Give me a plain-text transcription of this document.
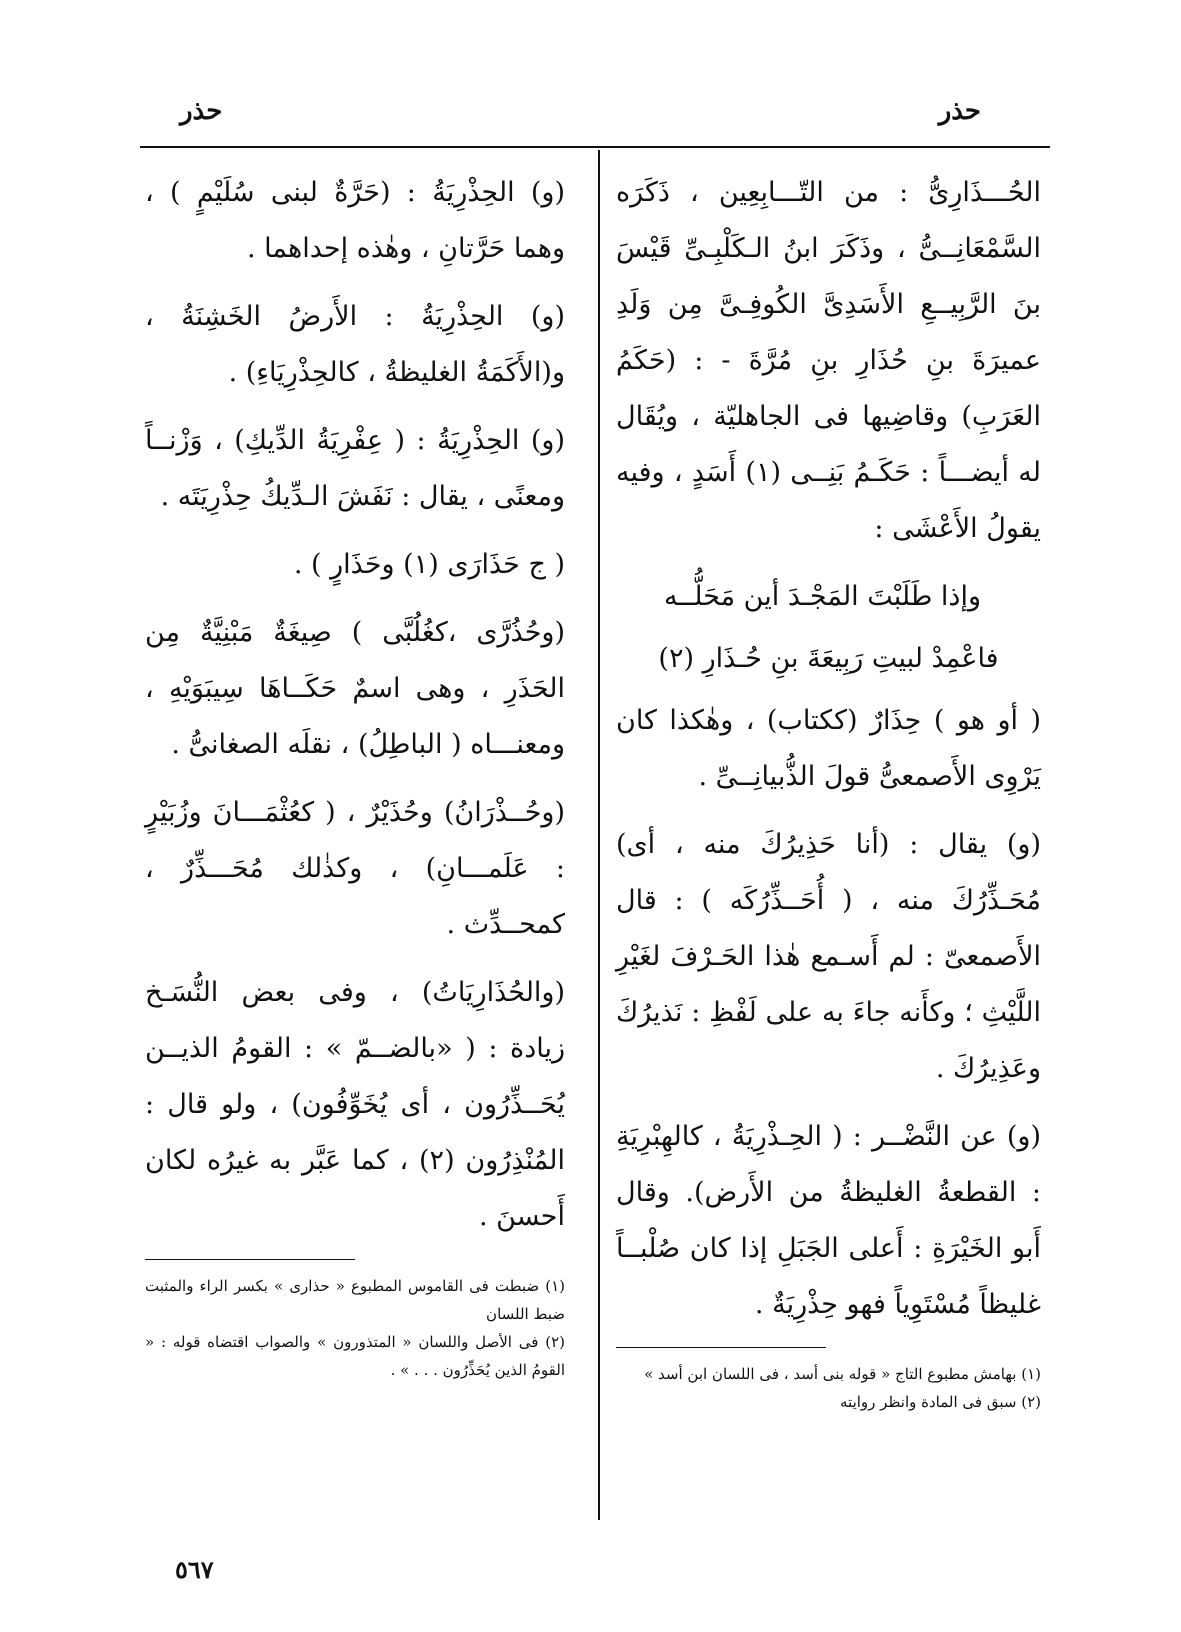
حذر
حذر

الحُـــذَارِىُّ : من التّـــابِعِين ، ذَكَرَه السَّمْعَانِــىُّ ، وذَكَرَ ابنُ الـكَلْبِـىِّ قَيْسَ بنَ الرَّبِيــعِ الأَسَدِىَّ الكُوفِـىَّ مِن وَلَدِ عميرَةَ بنِ حُذَارِ بنِ مُرَّةَ - : (حَكَمُ العَرَبِ) وقاضِيها فى الجاهليّة ، ويُقَال له أيضـــاً : حَكَـمُ بَنِــى (١) أَسَدٍ ، وفيه يقولُ الأَعْشَى :

وإذا طَلَبْتَ المَجْـدَ أين مَحَلُّــه

فاعْمِدْ لبيتِ رَبِيعَةَ بنِ حُـذَارِ (٢)

( أو هو ) حِذَارٌ (ككتاب) ، وهٰكذا كان يَرْوِى الأَصمعىُّ قولَ الذُّبيانِــىِّ .

(و) يقال : (أنا حَذِيرُكَ منه ، أى) مُحَـذِّرُكَ منه ، ( أُحَــذِّرُكَه ) : قال الأَصمعىّ : لم أَسـمع هٰذا الحَـرْفَ لغَيْرِ اللَّيْثِ ؛ وكأَنه جاءَ به على لَفْظِ : نَذيرُكَ وعَذِيرُكَ .

(و) عن النَّضْــر : ( الحِـذْرِيَةُ ، كالهِبْرِيَةِ : القطعةُ الغليظةُ من الأَرض). وقال أَبو الخَيْرَةِ : أَعلى الجَبَلِ إذا كان صُلْبــاً غليظاً مُسْتَوِياً فهو حِذْرِيَةٌ .

(١) بهامش مطبوع التاج « قوله بنى أسد ، فى اللسان ابن أسد »

(٢) سبق فى المادة وانظر روايته

(و) الحِذْرِيَةُ : (حَرَّةٌ لبنى سُلَيْمٍ ) ، وهما حَرَّتانِ ، وهٰذه إحداهما .

(و) الحِذْرِيَةُ : الأَرضُ الخَشِنَةُ ، و(الأَكَمَةُ الغليظةُ ، كالحِذْرِيَاءِ) .

(و) الحِذْرِيَةُ : ( عِفْرِيَةُ الدِّيكِ) ، وَزْنــاً ومعنًى ، يقال : نَفَشَ الـدِّيكُ حِذْرِيَتَه .

( ج حَذَارَى (١) وحَذَارٍ ) .

(وحُذُرَّى ،كغُلُبَّى ) صِيغَةٌ مَبْنِيَّةٌ مِن الحَذَرِ ، وهى اسمٌ حَكَــاهَا سِيبَوَيْهِ ، ومعنـــاه ( الباطِلُ) ، نقلَه الصغانىُّ .

(وحُــذْرَانُ) وحُذَيْرٌ ، ( كعُثْمَـــانَ وزُبَيْرٍ : عَلَمـــانِ) ، وكذٰلك مُحَـــذِّرٌ ، كمحــدِّث .

(والحُذَارِيَاتُ) ، وفى بعض النُّسَـخ زيادة : ( «بالضــمّ » : القومُ الذيــن يُحَــذِّرُون ، أى يُخَوِّفُون) ، ولو قال : المُنْذِرُون (٢) ، كما عَبَّر به غيرُه لكان أَحسنَ .

(١) ضبطت فى القاموس المطبوع « حذارى » بكسر الراء والمثبت ضبط اللسان

(٢) فى الأصل واللسان « المتذورون » والصواب اقتضاه قوله : « القومُ الذين يُحَذِّرُون . . . » .

٥٦٧
